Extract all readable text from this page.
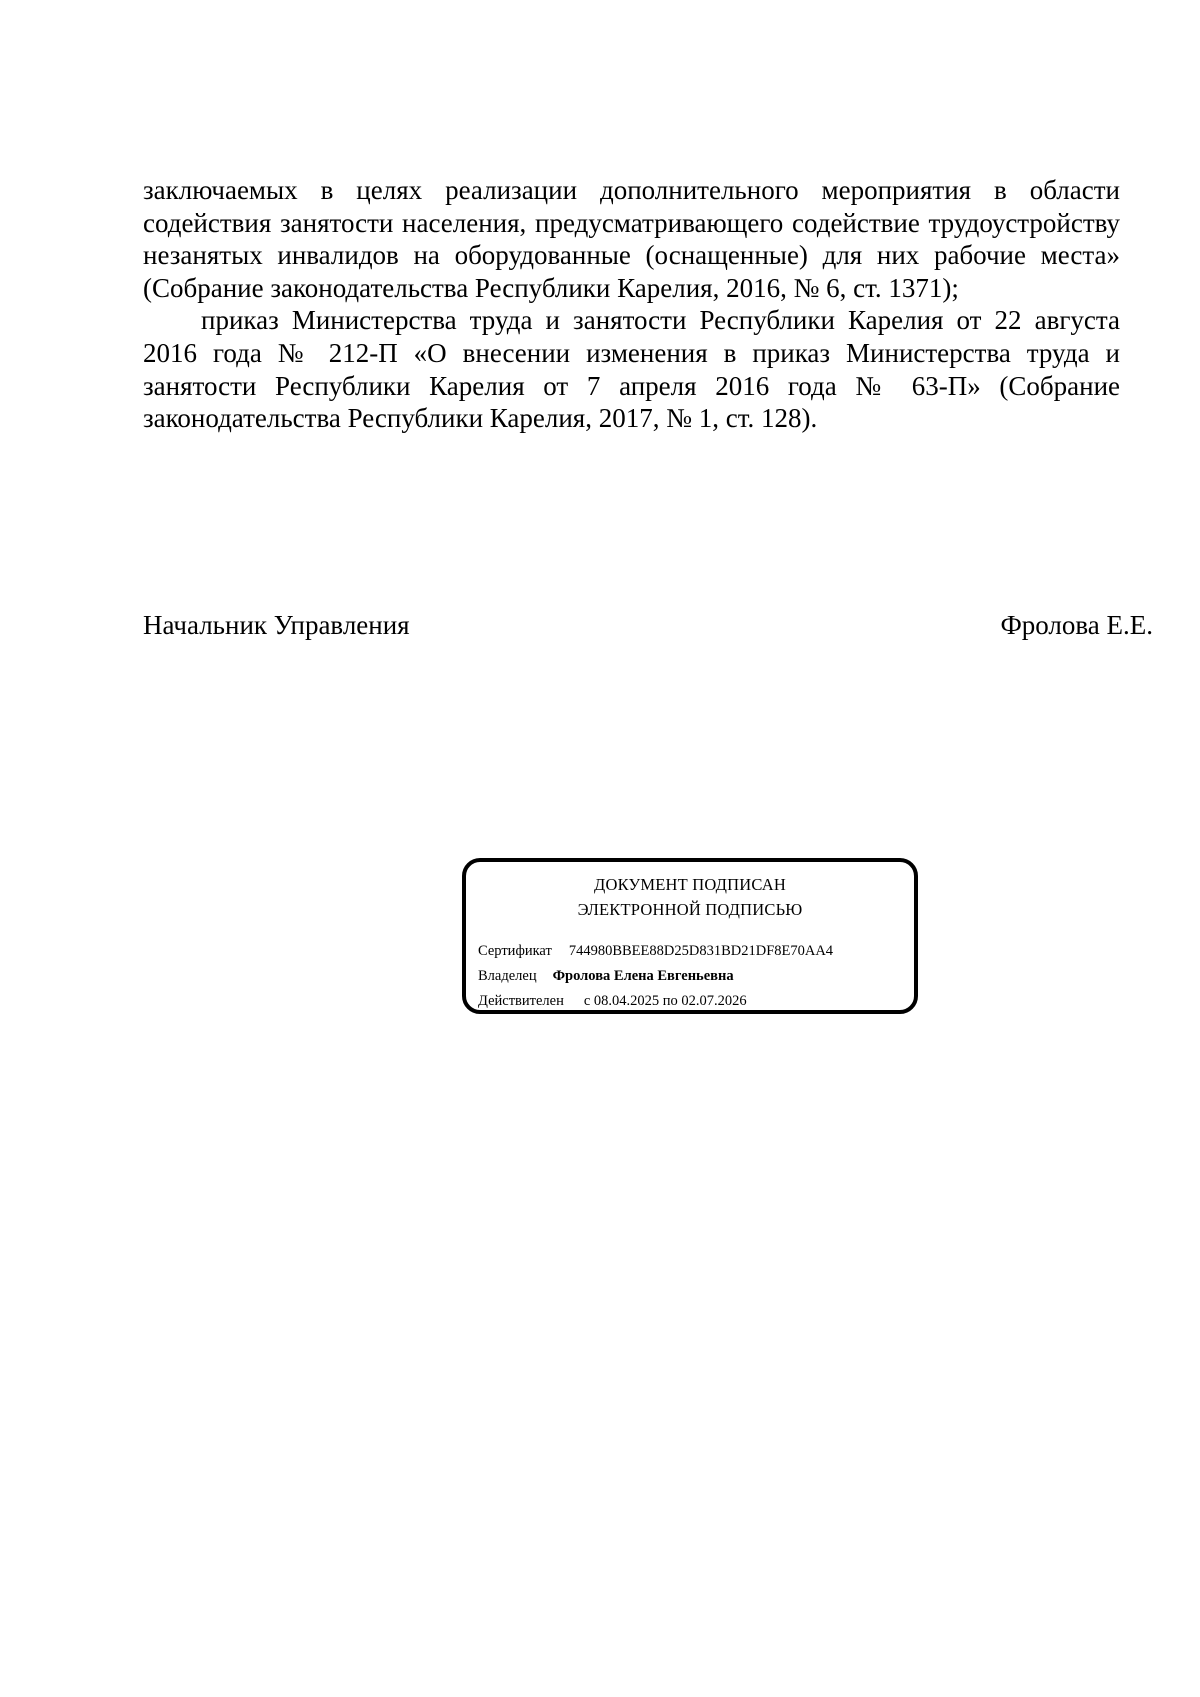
заключаемых в целях реализации дополнительного мероприятия в области содействия занятости населения, предусматривающего содействие трудоустройству незанятых инвалидов на оборудованные (оснащенные) для них рабочие места» (Собрание законодательства Республики Карелия, 2016, № 6, ст. 1371);

приказ Министерства труда и занятости Республики Карелия от 22 августа 2016 года № 212-П «О внесении изменения в приказ Министерства труда и занятости Республики Карелия от 7 апреля 2016 года № 63-П» (Собрание законодательства Республики Карелия, 2017, № 1, ст. 128).

Начальник Управления	Фролова Е.Е.
ДОКУМЕНТ ПОДПИСАН
ЭЛЕКТРОННОЙ ПОДПИСЬЮ
Сертификат 744980BBEE88D25D831BD21DF8E70AA4
Владелец Фролова Елена Евгеньевна
Действителен с 08.04.2025 по 02.07.2026
